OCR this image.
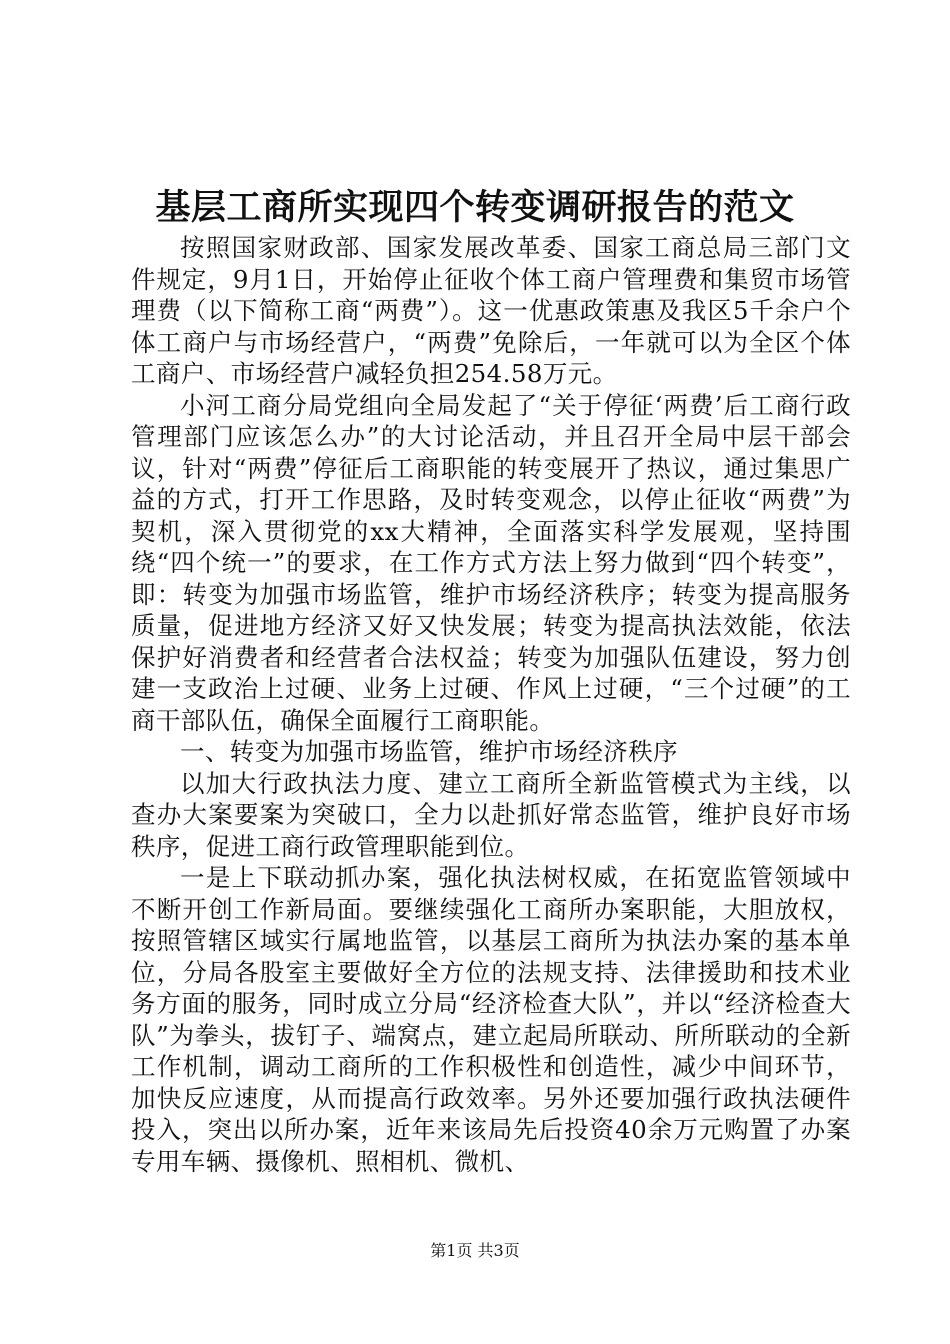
基层工商所实现四个转变调研报告的范文

按照国家财政部、国家发展改革委、国家工商总局三部门文件规定，9月1日，开始停止征收个体工商户管理费和集贸市场管理费（以下简称工商“两费”）。这一优惠政策惠及我区5千余户个体工商户与市场经营户，“两费”免除后，一年就可以为全区个体工商户、市场经营户减轻负担254.58万元。

小河工商分局党组向全局发起了“关于停征‘两费’后工商行政管理部门应该怎么办”的大讨论活动，并且召开全局中层干部会议，针对“两费”停征后工商职能的转变展开了热议，通过集思广益的方式，打开工作思路，及时转变观念，以停止征收“两费”为契机，深入贯彻党的xx大精神，全面落实科学发展观，坚持围绕“四个统一”的要求，在工作方式方法上努力做到“四个转变”，即：转变为加强市场监管，维护市场经济秩序；转变为提高服务质量，促进地方经济又好又快发展；转变为提高执法效能，依法保护好消费者和经营者合法权益；转变为加强队伍建设，努力创建一支政治上过硬、业务上过硬、作风上过硬，“三个过硬”的工商干部队伍，确保全面履行工商职能。

一、转变为加强市场监管，维护市场经济秩序

以加大行政执法力度、建立工商所全新监管模式为主线，以查办大案要案为突破口，全力以赴抓好常态监管，维护良好市场秩序，促进工商行政管理职能到位。

一是上下联动抓办案，强化执法树权威，在拓宽监管领域中不断开创工作新局面。要继续强化工商所办案职能，大胆放权，按照管辖区域实行属地监管，以基层工商所为执法办案的基本单位，分局各股室主要做好全方位的法规支持、法律援助和技术业务方面的服务，同时成立分局“经济检查大队”，并以“经济检查大队”为拳头，拔钉子、端窝点，建立起局所联动、所所联动的全新工作机制，调动工商所的工作积极性和创造性，减少中间环节，加快反应速度，从而提高行政效率。另外还要加强行政执法硬件投入，突出以所办案，近年来该局先后投资40余万元购置了办案专用车辆、摄像机、照相机、微机、

第1页 共3页
